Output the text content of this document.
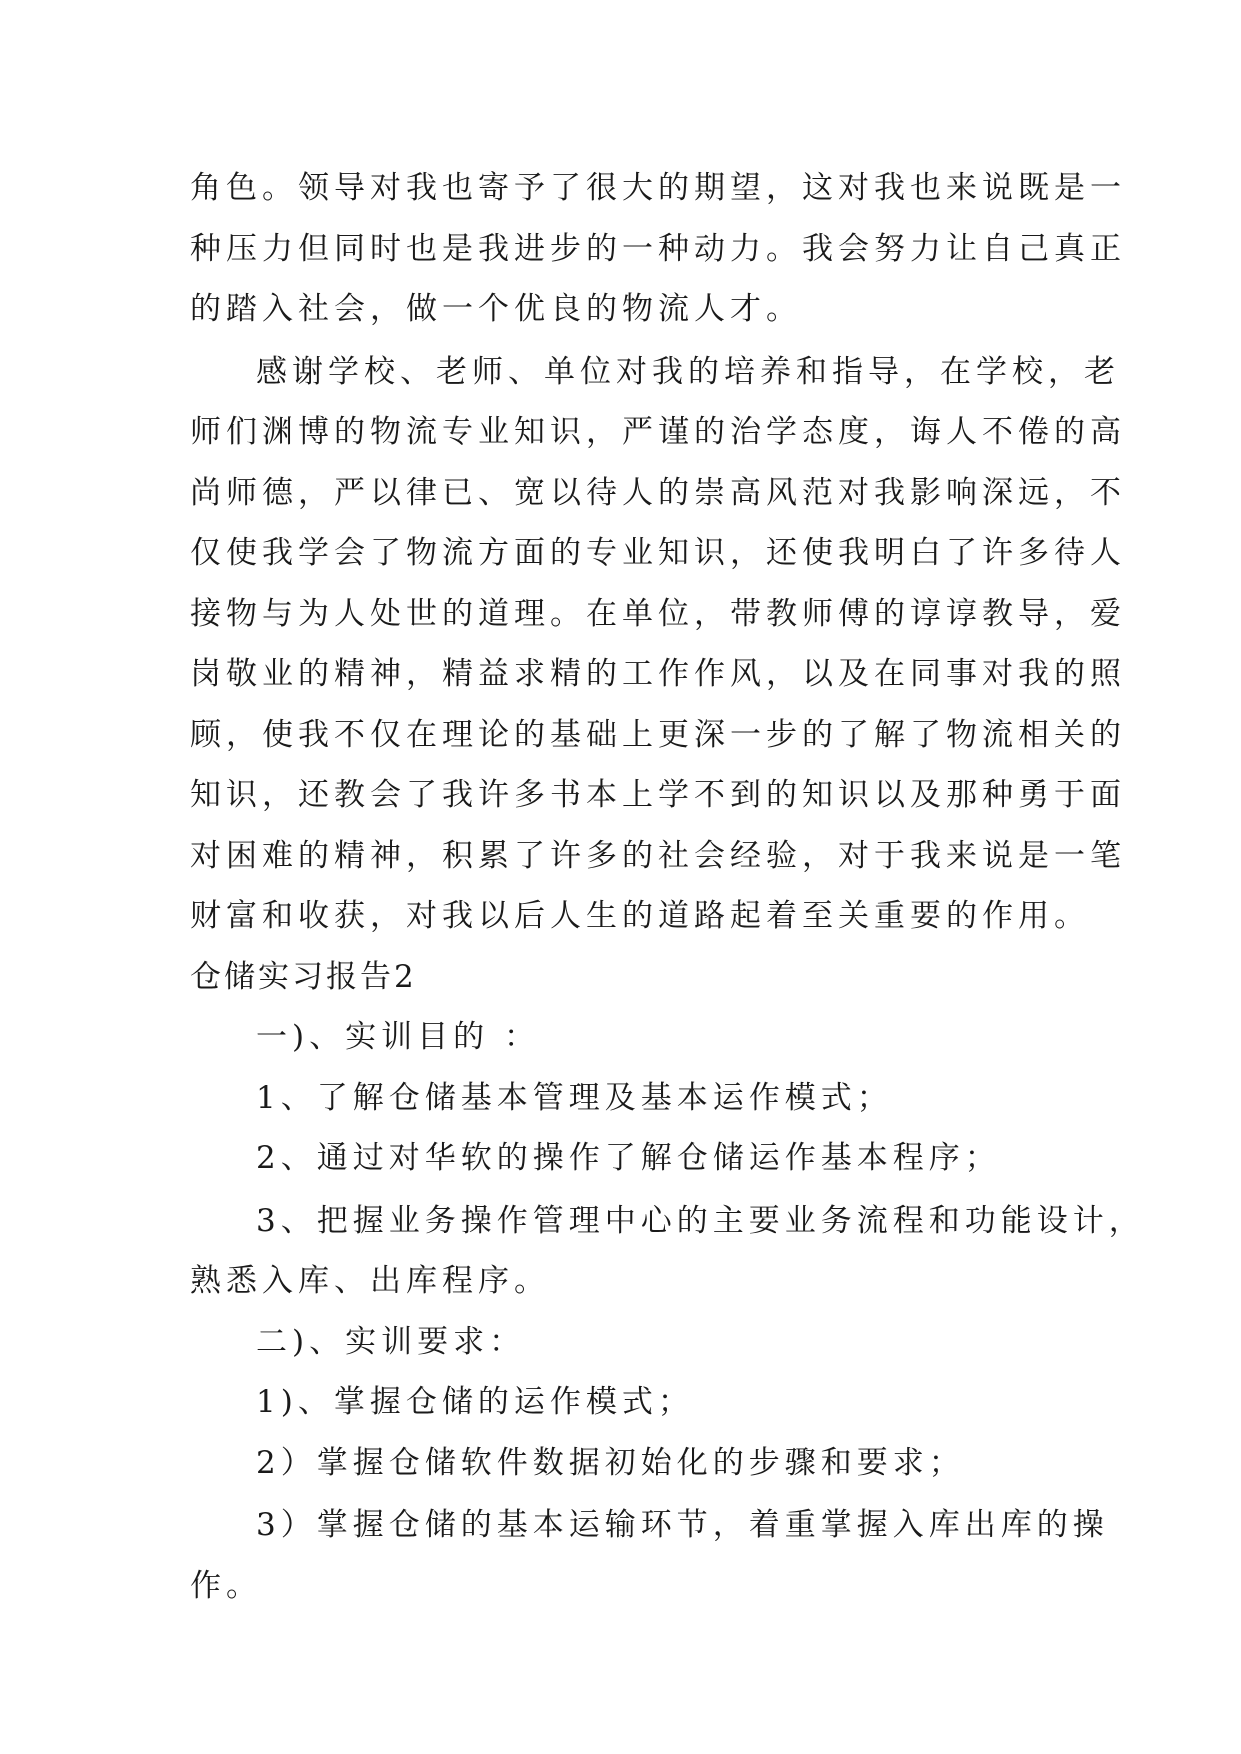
角色。领导对我也寄予了很大的期望，这对我也来说既是一
种压力但同时也是我进步的一种动力。我会努力让自己真正
的踏入社会，做一个优良的物流人才。
感谢学校、老师、单位对我的培养和指导，在学校，老
师们渊博的物流专业知识，严谨的治学态度，诲人不倦的高
尚师德，严以律已、宽以待人的崇高风范对我影响深远，不
仅使我学会了物流方面的专业知识，还使我明白了许多待人
接物与为人处世的道理。在单位，带教师傅的谆谆教导，爱
岗敬业的精神，精益求精的工作作风，以及在同事对我的照
顾，使我不仅在理论的基础上更深一步的了解了物流相关的
知识，还教会了我许多书本上学不到的知识以及那种勇于面
对困难的精神，积累了许多的社会经验，对于我来说是一笔
财富和收获，对我以后人生的道路起着至关重要的作用。
仓储实习报告2
一)、实训目的 ：
1、了解仓储基本管理及基本运作模式；
2、通过对华软的操作了解仓储运作基本程序；
3、把握业务操作管理中心的主要业务流程和功能设计，
熟悉入库、出库程序。
二)、实训要求：
1)、掌握仓储的运作模式；
2）掌握仓储软件数据初始化的步骤和要求；
3）掌握仓储的基本运输环节，着重掌握入库出库的操
作。
